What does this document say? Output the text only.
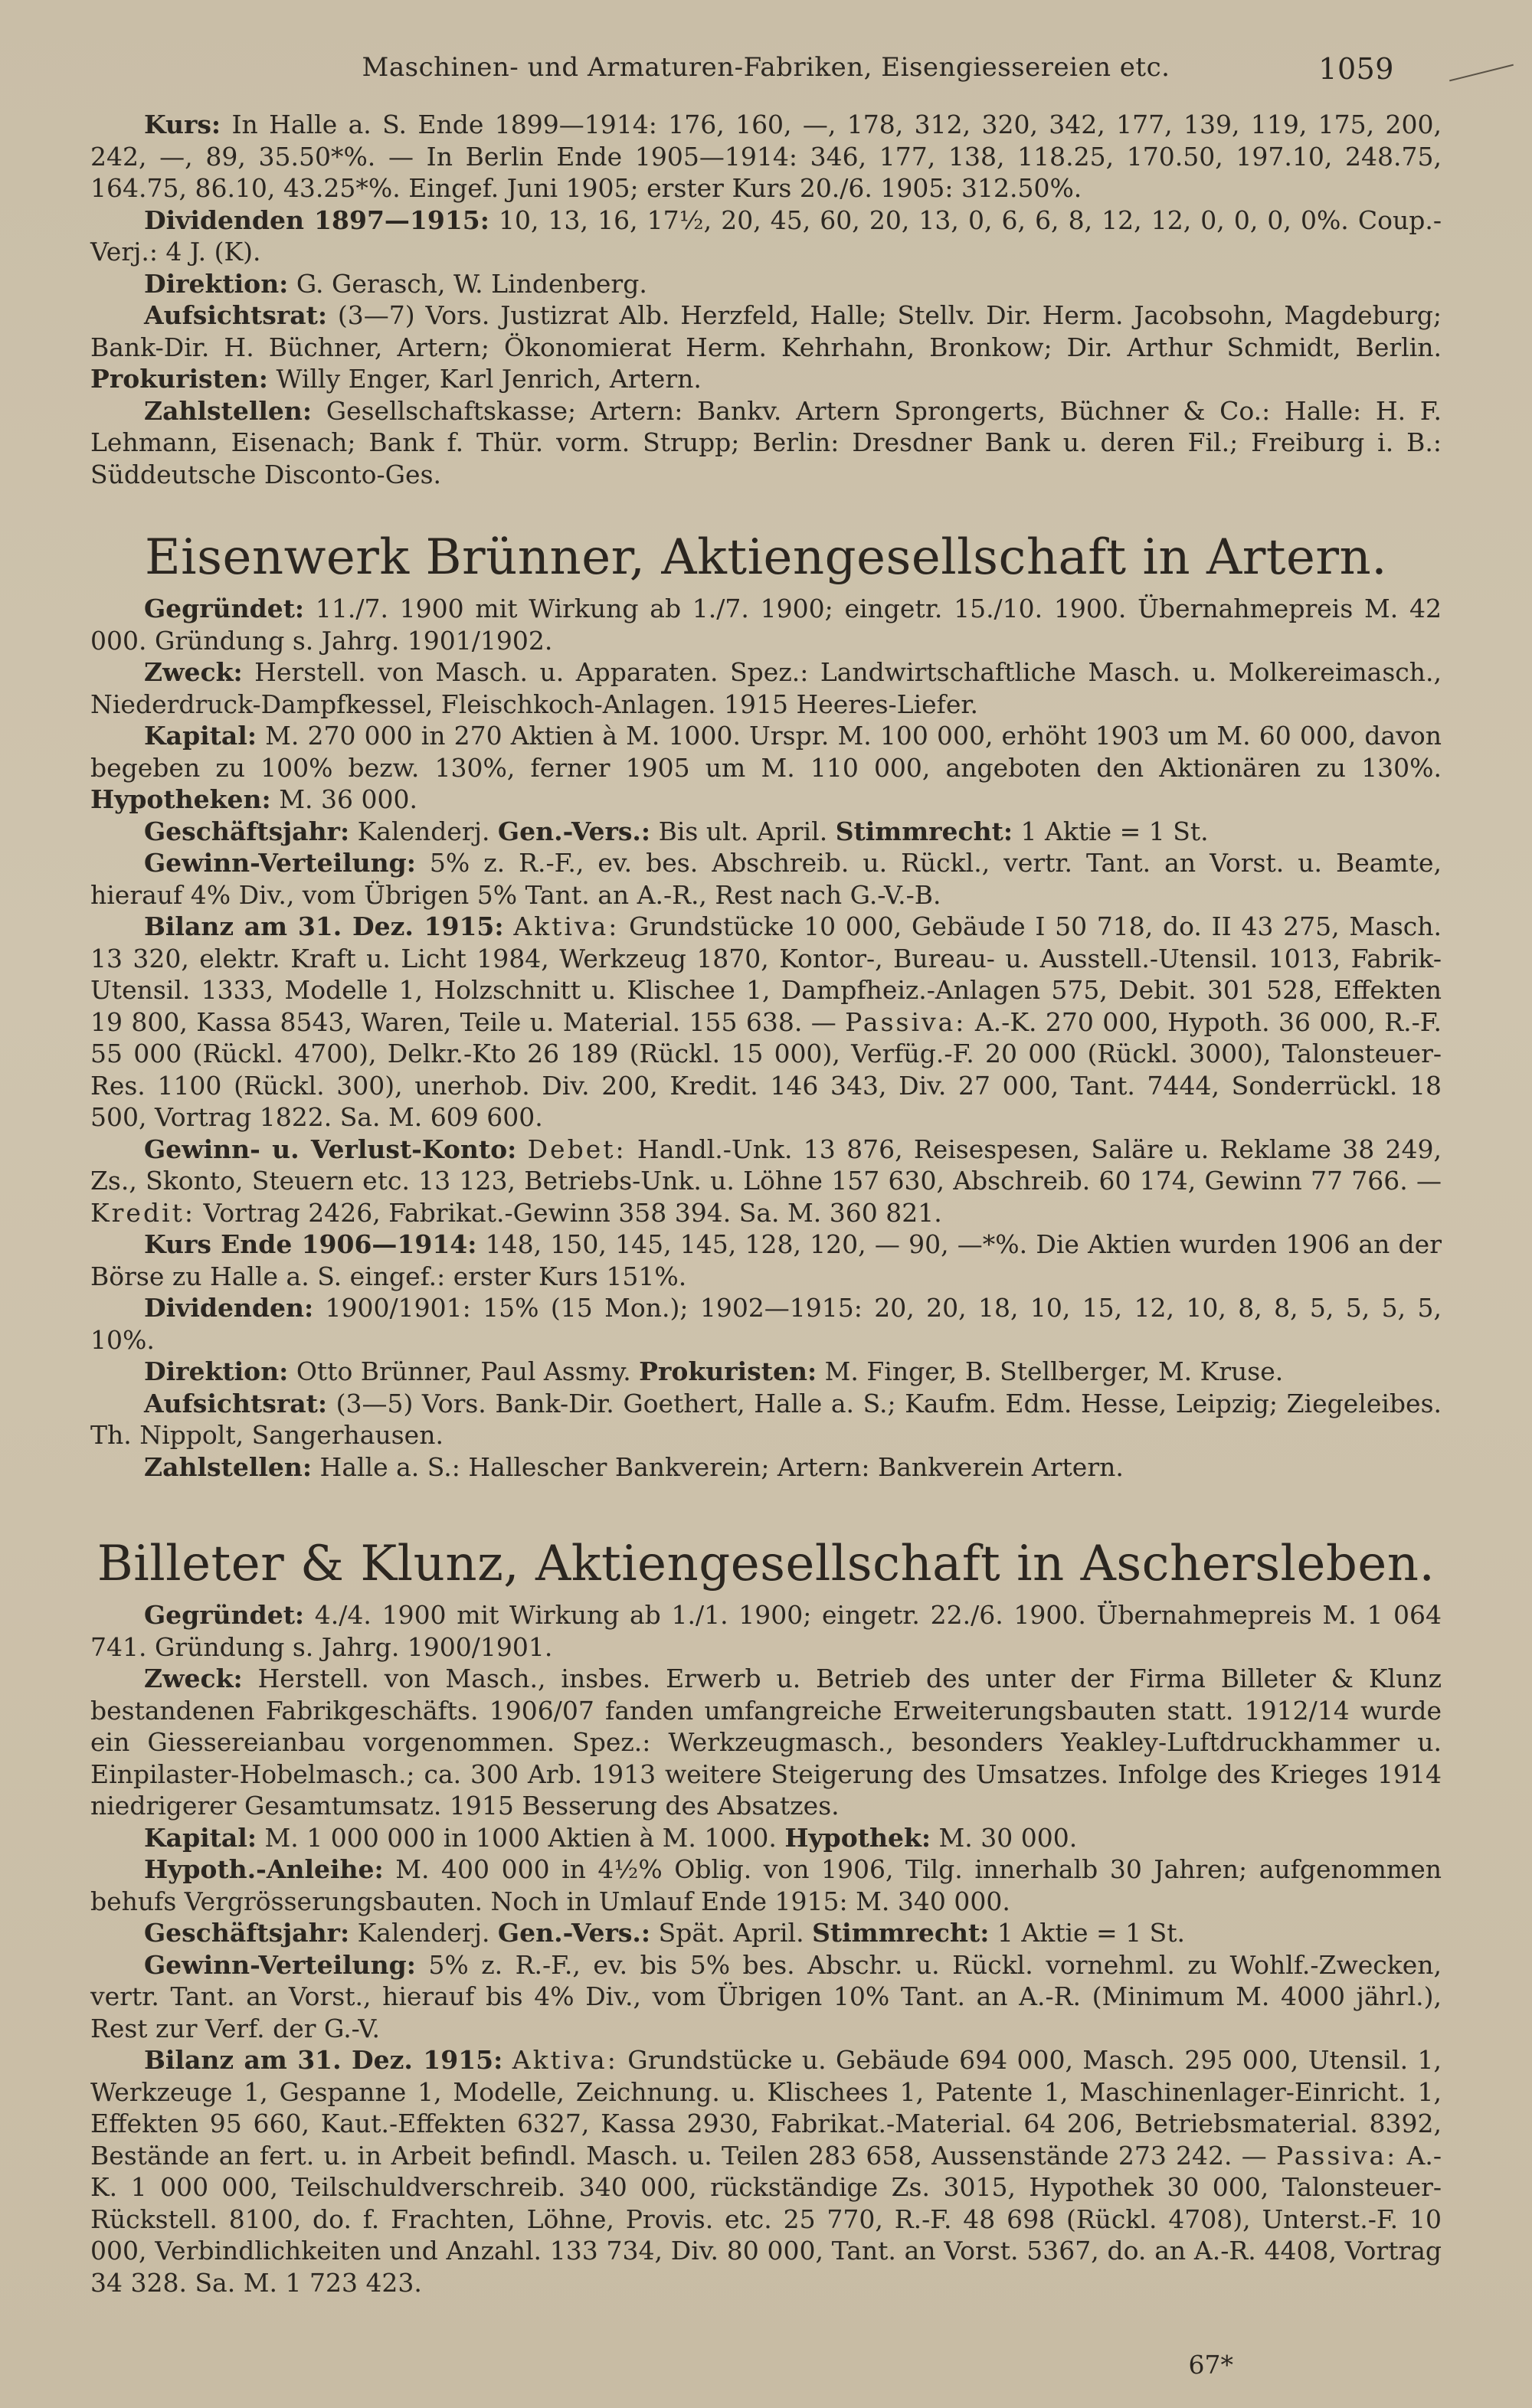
Maschinen- und Armaturen-Fabriken, Eisengiessereien etc.	1059

Kurs: In Halle a. S. Ende 1899—1914: 176, 160, —, 178, 312, 320, 342, 177, 139, 119, 175, 200, 242, —, 89, 35.50*%. — In Berlin Ende 1905—1914: 346, 177, 138, 118.25, 170.50, 197.10, 248.75, 164.75, 86.10, 43.25*%. Eingef. Juni 1905; erster Kurs 20./6. 1905: 312.50%.

Dividenden 1897—1915: 10, 13, 16, 17½, 20, 45, 60, 20, 13, 0, 6, 6, 8, 12, 12, 0, 0, 0, 0%. Coup.-Verj.: 4 J. (K).

Direktion: G. Gerasch, W. Lindenberg.

Aufsichtsrat: (3—7) Vors. Justizrat Alb. Herzfeld, Halle; Stellv. Dir. Herm. Jacobsohn, Magdeburg; Bank-Dir. H. Büchner, Artern; Ökonomierat Herm. Kehrhahn, Bronkow; Dir. Arthur Schmidt, Berlin. Prokuristen: Willy Enger, Karl Jenrich, Artern.

Zahlstellen: Gesellschaftskasse; Artern: Bankv. Artern Sprongerts, Büchner & Co.: Halle: H. F. Lehmann, Eisenach; Bank f. Thür. vorm. Strupp; Berlin: Dresdner Bank u. deren Fil.; Freiburg i. B.: Süddeutsche Disconto-Ges.

Eisenwerk Brünner, Aktiengesellschaft in Artern.

Gegründet: 11./7. 1900 mit Wirkung ab 1./7. 1900; eingetr. 15./10. 1900. Übernahmepreis M. 42 000. Gründung s. Jahrg. 1901/1902.

Zweck: Herstell. von Masch. u. Apparaten. Spez.: Landwirtschaftliche Masch. u. Molkereimasch., Niederdruck-Dampfkessel, Fleischkoch-Anlagen. 1915 Heeres-Liefer.

Kapital: M. 270 000 in 270 Aktien à M. 1000. Urspr. M. 100 000, erhöht 1903 um M. 60 000, davon begeben zu 100% bezw. 130%, ferner 1905 um M. 110 000, angeboten den Aktionären zu 130%. Hypotheken: M. 36 000.

Geschäftsjahr: Kalenderj. Gen.-Vers.: Bis ult. April. Stimmrecht: 1 Aktie = 1 St.

Gewinn-Verteilung: 5% z. R.-F., ev. bes. Abschreib. u. Rückl., vertr. Tant. an Vorst. u. Beamte, hierauf 4% Div., vom Übrigen 5% Tant. an A.-R., Rest nach G.-V.-B.

Bilanz am 31. Dez. 1915: Aktiva: Grundstücke 10 000, Gebäude I 50 718, do. II 43 275, Masch. 13 320, elektr. Kraft u. Licht 1984, Werkzeug 1870, Kontor-, Bureau- u. Ausstell.-Utensil. 1013, Fabrik-Utensil. 1333, Modelle 1, Holzschnitt u. Klischee 1, Dampfheiz.-Anlagen 575, Debit. 301 528, Effekten 19 800, Kassa 8543, Waren, Teile u. Material. 155 638. — Passiva: A.-K. 270 000, Hypoth. 36 000, R.-F. 55 000 (Rückl. 4700), Delkr.-Kto 26 189 (Rückl. 15 000), Verfüg.-F. 20 000 (Rückl. 3000), Talonsteuer-Res. 1100 (Rückl. 300), unerhob. Div. 200, Kredit. 146 343, Div. 27 000, Tant. 7444, Sonderrückl. 18 500, Vortrag 1822. Sa. M. 609 600.

Gewinn- u. Verlust-Konto: Debet: Handl.-Unk. 13 876, Reisespesen, Saläre u. Reklame 38 249, Zs., Skonto, Steuern etc. 13 123, Betriebs-Unk. u. Löhne 157 630, Abschreib. 60 174, Gewinn 77 766. — Kredit: Vortrag 2426, Fabrikat.-Gewinn 358 394. Sa. M. 360 821.

Kurs Ende 1906—1914: 148, 150, 145, 145, 128, 120, — 90, —*%. Die Aktien wurden 1906 an der Börse zu Halle a. S. eingef.: erster Kurs 151%.

Dividenden: 1900/1901: 15% (15 Mon.); 1902—1915: 20, 20, 18, 10, 15, 12, 10, 8, 8, 5, 5, 5, 5, 10%.

Direktion: Otto Brünner, Paul Assmy. Prokuristen: M. Finger, B. Stellberger, M. Kruse.

Aufsichtsrat: (3—5) Vors. Bank-Dir. Goethert, Halle a. S.; Kaufm. Edm. Hesse, Leipzig; Ziegeleibes. Th. Nippolt, Sangerhausen.

Zahlstellen: Halle a. S.: Hallescher Bankverein; Artern: Bankverein Artern.

Billeter & Klunz, Aktiengesellschaft in Aschersleben.

Gegründet: 4./4. 1900 mit Wirkung ab 1./1. 1900; eingetr. 22./6. 1900. Übernahmepreis M. 1 064 741. Gründung s. Jahrg. 1900/1901.

Zweck: Herstell. von Masch., insbes. Erwerb u. Betrieb des unter der Firma Billeter & Klunz bestandenen Fabrikgeschäfts. 1906/07 fanden umfangreiche Erweiterungsbauten statt. 1912/14 wurde ein Giessereianbau vorgenommen. Spez.: Werkzeugmasch., besonders Yeakley-Luftdruckhammer u. Einpilaster-Hobelmasch.; ca. 300 Arb. 1913 weitere Steigerung des Umsatzes. Infolge des Krieges 1914 niedrigerer Gesamtumsatz. 1915 Besserung des Absatzes.

Kapital: M. 1 000 000 in 1000 Aktien à M. 1000. Hypothek: M. 30 000.

Hypoth.-Anleihe: M. 400 000 in 4½% Oblig. von 1906, Tilg. innerhalb 30 Jahren; aufgenommen behufs Vergrösserungsbauten. Noch in Umlauf Ende 1915: M. 340 000.

Geschäftsjahr: Kalenderj. Gen.-Vers.: Spät. April. Stimmrecht: 1 Aktie = 1 St.

Gewinn-Verteilung: 5% z. R.-F., ev. bis 5% bes. Abschr. u. Rückl. vornehml. zu Wohlf.-Zwecken, vertr. Tant. an Vorst., hierauf bis 4% Div., vom Übrigen 10% Tant. an A.-R. (Minimum M. 4000 jährl.), Rest zur Verf. der G.-V.

Bilanz am 31. Dez. 1915: Aktiva: Grundstücke u. Gebäude 694 000, Masch. 295 000, Utensil. 1, Werkzeuge 1, Gespanne 1, Modelle, Zeichnung. u. Klischees 1, Patente 1, Maschinenlager-Einricht. 1, Effekten 95 660, Kaut.-Effekten 6327, Kassa 2930, Fabrikat.-Material. 64 206, Betriebsmaterial. 8392, Bestände an fert. u. in Arbeit befindl. Masch. u. Teilen 283 658, Aussenstände 273 242. — Passiva: A.-K. 1 000 000, Teilschuldverschreib. 340 000, rückständige Zs. 3015, Hypothek 30 000, Talonsteuer-Rückstell. 8100, do. f. Frachten, Löhne, Provis. etc. 25 770, R.-F. 48 698 (Rückl. 4708), Unterst.-F. 10 000, Verbindlichkeiten und Anzahl. 133 734, Div. 80 000, Tant. an Vorst. 5367, do. an A.-R. 4408, Vortrag 34 328. Sa. M. 1 723 423.

67*
